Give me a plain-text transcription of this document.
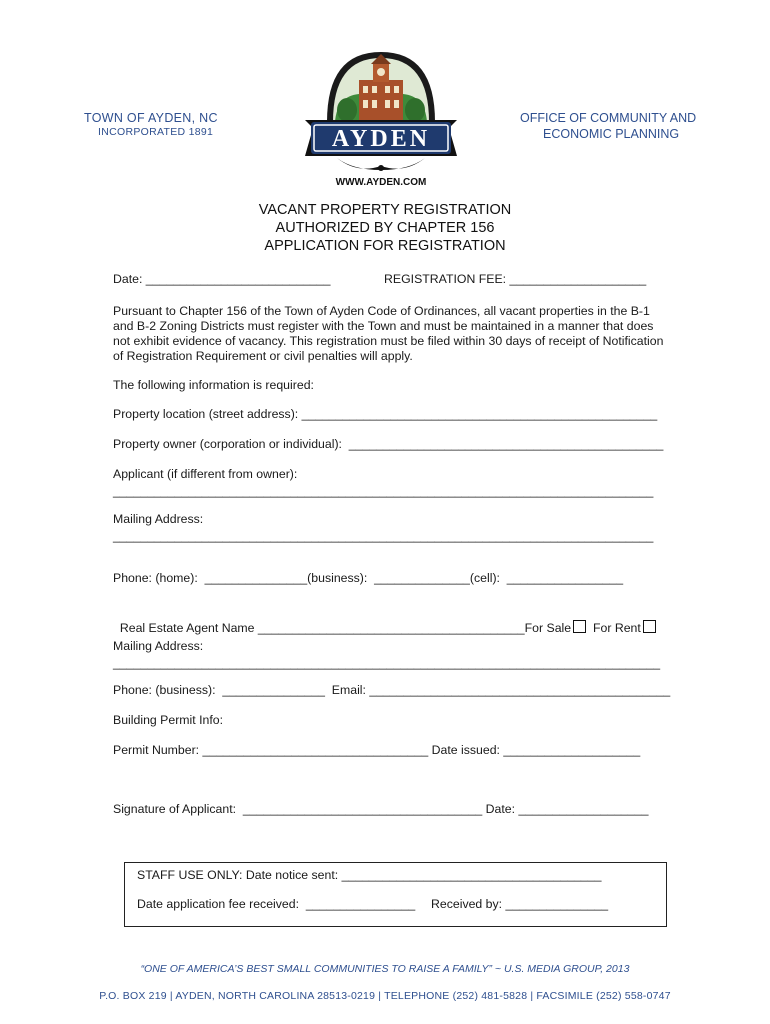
TOWN OF AYDEN, NC
INCORPORATED 1891
OFFICE OF COMMUNITY AND
ECONOMIC PLANNING
AYDEN
WWW.AYDEN.COM
VACANT PROPERTY REGISTRATION
AUTHORIZED BY CHAPTER 156
APPLICATION FOR REGISTRATION
Date: ___________________________	REGISTRATION FEE: ____________________
Pursuant to Chapter 156 of the Town of Ayden Code of Ordinances, all vacant properties in the B-1 and B-2 Zoning Districts must register with the Town and must be maintained in a manner that does not exhibit evidence of vacancy. This registration must be filed within 30 days of receipt of Notification of Registration Requirement or civil penalties will apply.
The following information is required:
Property location (street address): ____________________________________________________
Property owner (corporation or individual):  ______________________________________________
Applicant (if different from owner):
_______________________________________________________________________________
Mailing Address:
_______________________________________________________________________________
Phone: (home):  _______________(business):  ______________(cell):  _________________

Real Estate Agent Name _______________________________________For Sale For Rent

Mailing Address:
________________________________________________________________________________
Phone: (business):  _______________  Email: ____________________________________________
Building Permit Info:
Permit Number: _________________________________ Date issued: ____________________
Signature of Applicant:  ___________________________________ Date: ___________________
STAFF USE ONLY: Date notice sent: ______________________________________
Date application fee received:  ________________ Received by: _______________
“ONE OF AMERICA’S BEST SMALL COMMUNITIES TO RAISE A FAMILY” ~ U.S. MEDIA GROUP, 2013
P.O. BOX 219 | AYDEN, NORTH CAROLINA 28513-0219 | TELEPHONE (252) 481-5828 | FACSIMILE (252) 558-0747
